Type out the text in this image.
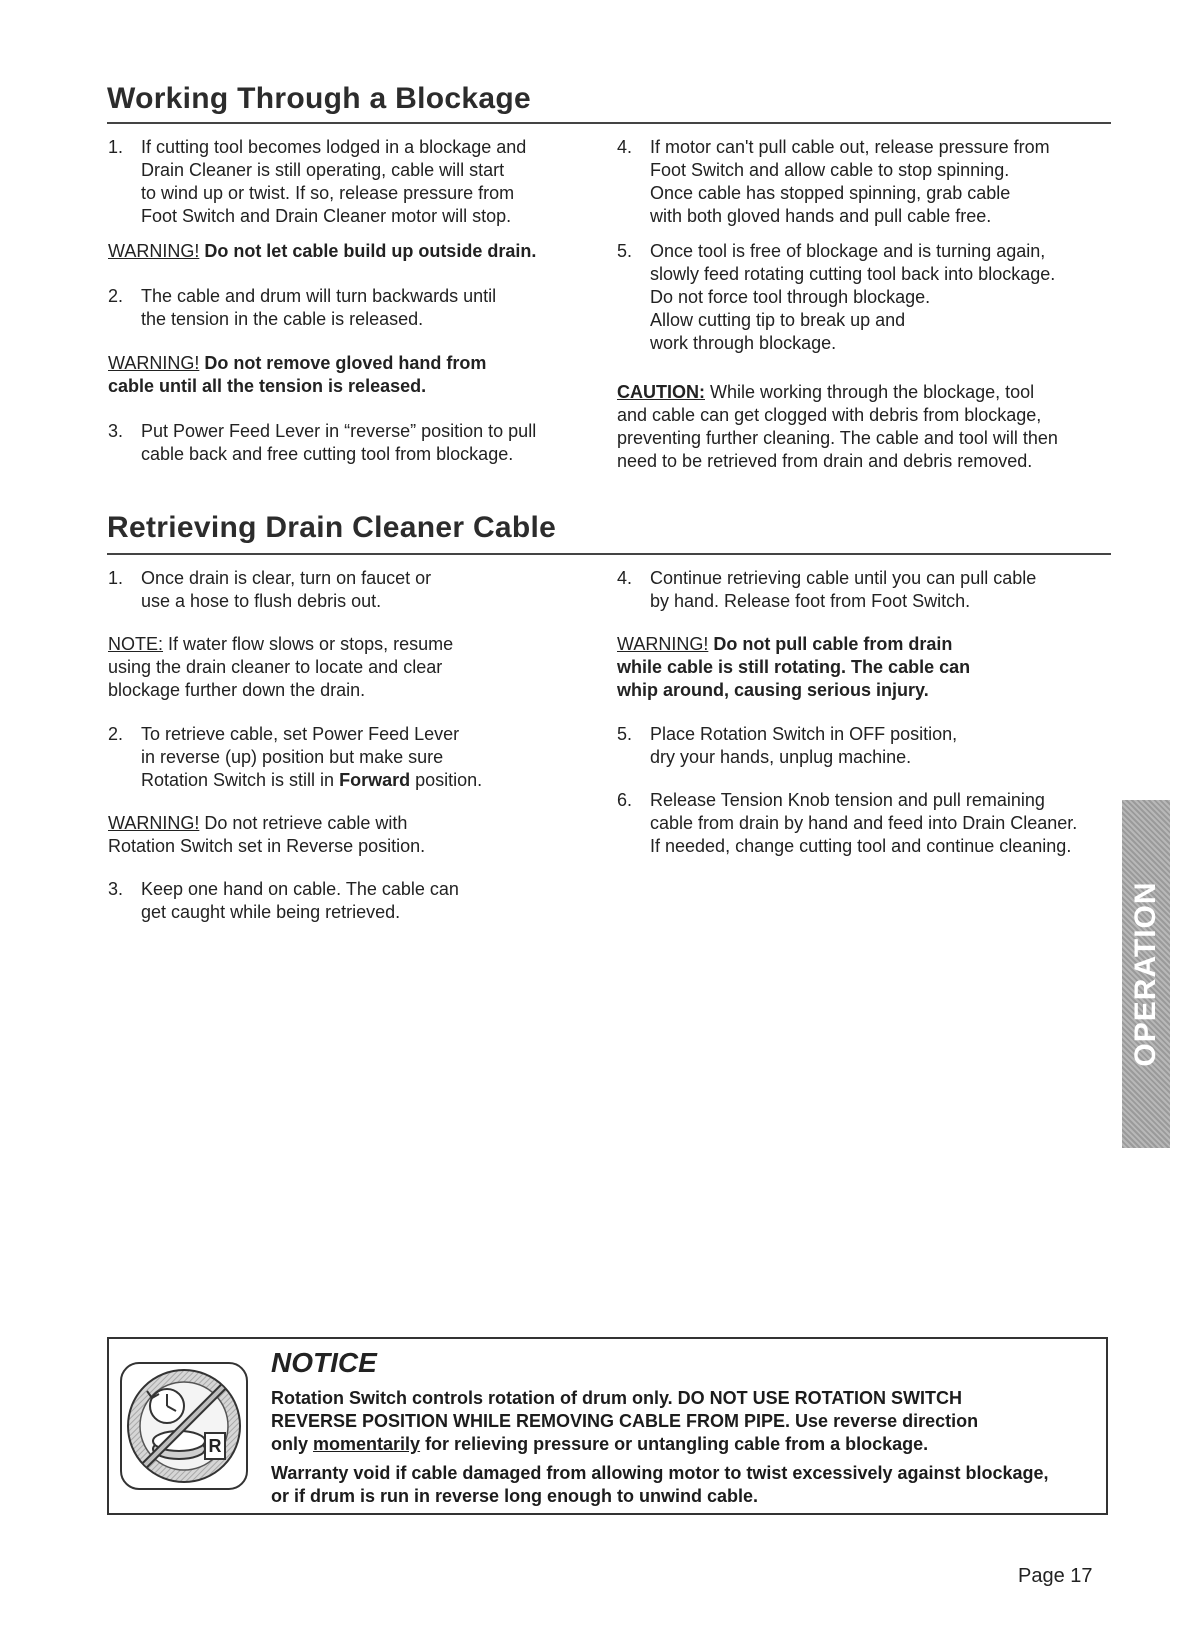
Working Through a Blockage
1. If cutting tool becomes lodged in a blockage and
Drain Cleaner is still operating, cable will start
to wind up or twist. If so, release pressure from
Foot Switch and Drain Cleaner motor will stop.

WARNING! Do not let cable build up outside drain.

2. The cable and drum will turn backwards until
the tension in the cable is released.

WARNING! Do not remove gloved hand from
cable until all the tension is released.

3. Put Power Feed Lever in “reverse” position to pull
cable back and free cutting tool from blockage.
4. If motor can't pull cable out, release pressure from
Foot Switch and allow cable to stop spinning.
Once cable has stopped spinning, grab cable
with both gloved hands and pull cable free.
5. Once tool is free of blockage and is turning again,
slowly feed rotating cutting tool back into blockage.
Do not force tool through blockage.
Allow cutting tip to break up and
work through blockage.

CAUTION: While working through the blockage, tool
and cable can get clogged with debris from blockage,
preventing further cleaning. The cable and tool will then
need to be retrieved from drain and debris removed.

Retrieving Drain Cleaner Cable
1. Once drain is clear, turn on faucet or
use a hose to flush debris out.

NOTE: If water flow slows or stops, resume
using the drain cleaner to locate and clear
blockage further down the drain.

2. To retrieve cable, set Power Feed Lever
in reverse (up) position but make sure
Rotation Switch is still in Forward position.

WARNING! Do not retrieve cable with
Rotation Switch set in Reverse position.

3. Keep one hand on cable. The cable can
get caught while being retrieved.
4. Continue retrieving cable until you can pull cable
by hand. Release foot from Foot Switch.

WARNING! Do not pull cable from drain
while cable is still rotating. The cable can
whip around, causing serious injury.

5. Place Rotation Switch in OFF position,
dry your hands, unplug machine.
6. Release Tension Knob tension and pull remaining
cable from drain by hand and feed into Drain Cleaner.
If needed, change cutting tool and continue cleaning.
OPERATION
R
NOTICE
Rotation Switch controls rotation of drum only. DO NOT USE ROTATION SWITCH
REVERSE POSITION WHILE REMOVING CABLE FROM PIPE. Use reverse direction
only momentarily for relieving pressure or untangling cable from a blockage.
Warranty void if cable damaged from allowing motor to twist excessively against blockage,
or if drum is run in reverse long enough to unwind cable.
Page 17
